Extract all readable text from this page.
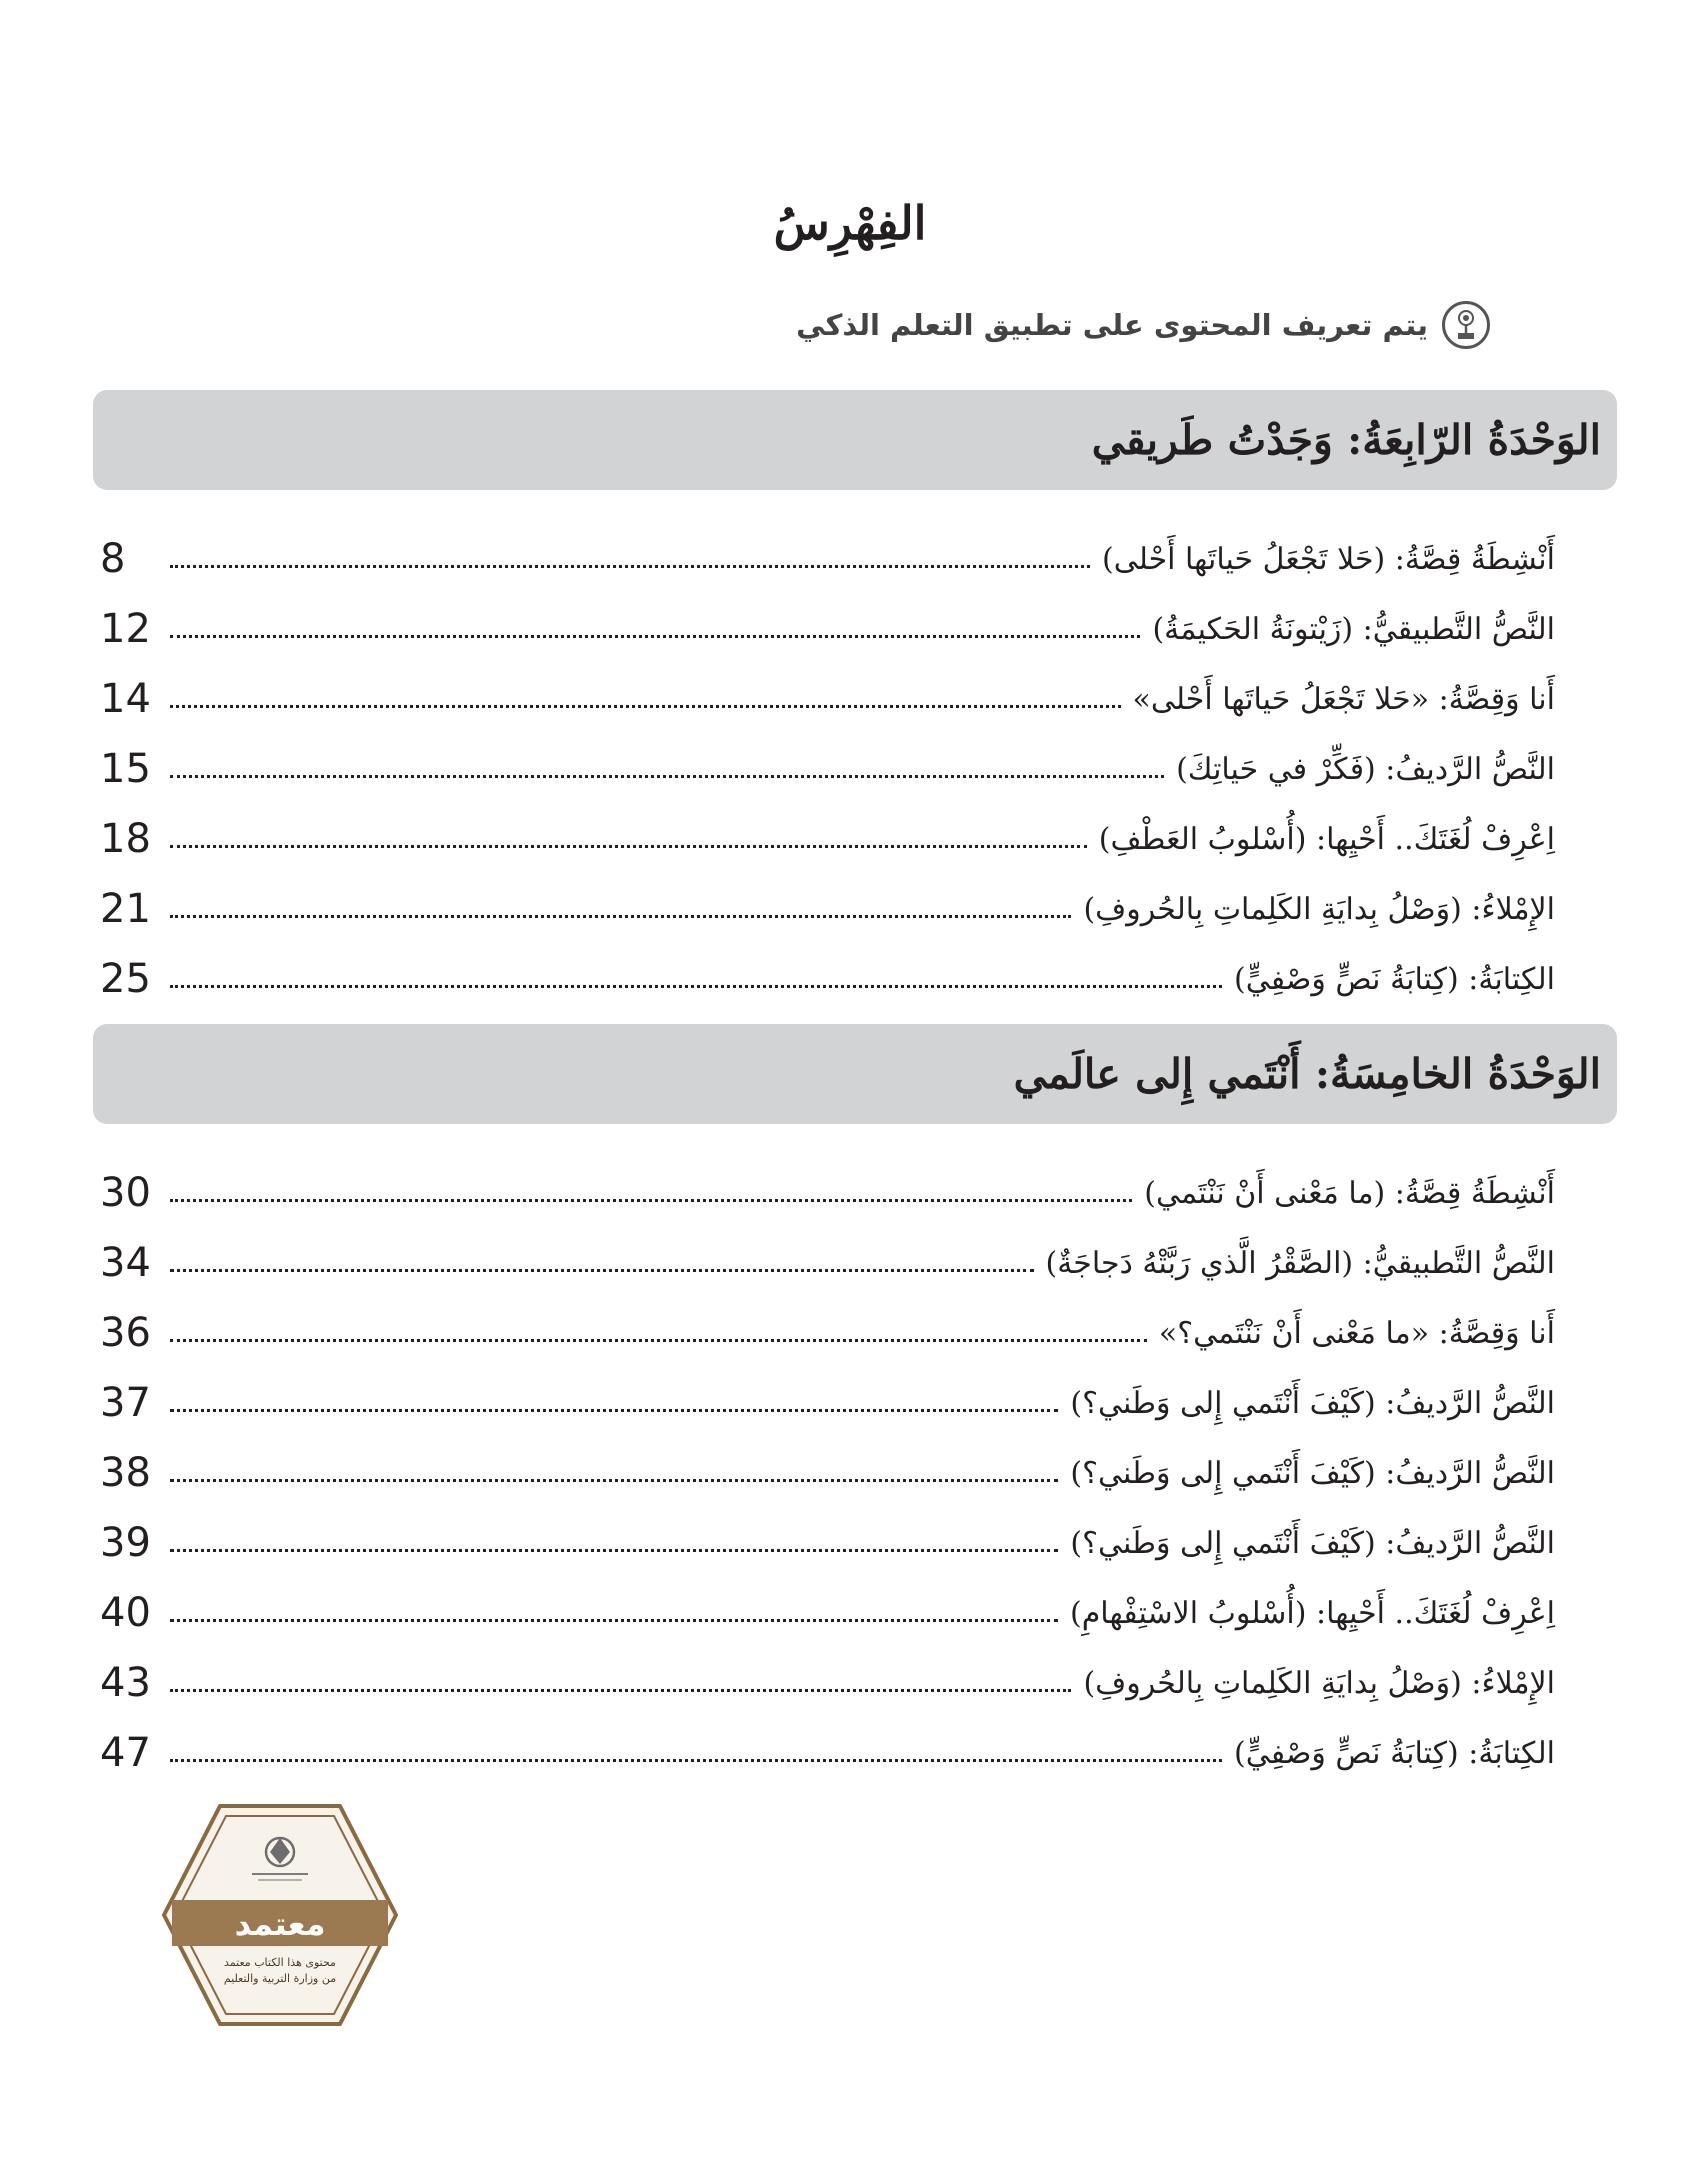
الفِهْرِسُ
يتم تعريف المحتوى على تطبيق التعلم الذكي
الوَحْدَةُ الرّابِعَةُ: وَجَدْتُ طَريقي
أَنْشِطَةُ قِصَّةُ: (حَلا تَجْعَلُ حَياتَها أَحْلى)
8
النَّصُّ التَّطبيقيُّ: (زَيْتونَةُ الحَكيمَةُ)
12
أَنا وَقِصَّةُ: «حَلا تَجْعَلُ حَياتَها أَحْلى»
14
النَّصُّ الرَّديفُ: (فَكِّرْ في حَياتِكَ)
15
اِعْرِفْ لُغَتَكَ.. أَحْيِها: (أُسْلوبُ العَطْفِ)
18
الإِمْلاءُ: (وَصْلُ بِدايَةِ الكَلِماتِ بِالحُروفِ)
21
الكِتابَةُ: (كِتابَةُ نَصٍّ وَصْفِيٍّ)
25
الوَحْدَةُ الخامِسَةُ: أَنْتَمي إِلى عالَمي
أَنْشِطَةُ قِصَّةُ: (ما مَعْنى أَنْ نَنْتَمي)
30
النَّصُّ التَّطبيقيُّ: (الصَّقْرُ الَّذي رَبَّتْهُ دَجاجَةٌ)
34
أَنا وَقِصَّةُ: «ما مَعْنى أَنْ نَنْتَمي؟»
36
النَّصُّ الرَّديفُ: (كَيْفَ أَنْتَمي إِلى وَطَني؟)
37
النَّصُّ الرَّديفُ: (كَيْفَ أَنْتَمي إِلى وَطَني؟)
38
النَّصُّ الرَّديفُ: (كَيْفَ أَنْتَمي إِلى وَطَني؟)
39
اِعْرِفْ لُغَتَكَ.. أَحْيِها: (أُسْلوبُ الاسْتِفْهامِ)
40
الإِمْلاءُ: (وَصْلُ بِدايَةِ الكَلِماتِ بِالحُروفِ)
43
الكِتابَةُ: (كِتابَةُ نَصٍّ وَصْفِيٍّ)
47
معتمد
محتوى هذا الكتاب معتمد
من وزارة التربية والتعليم
